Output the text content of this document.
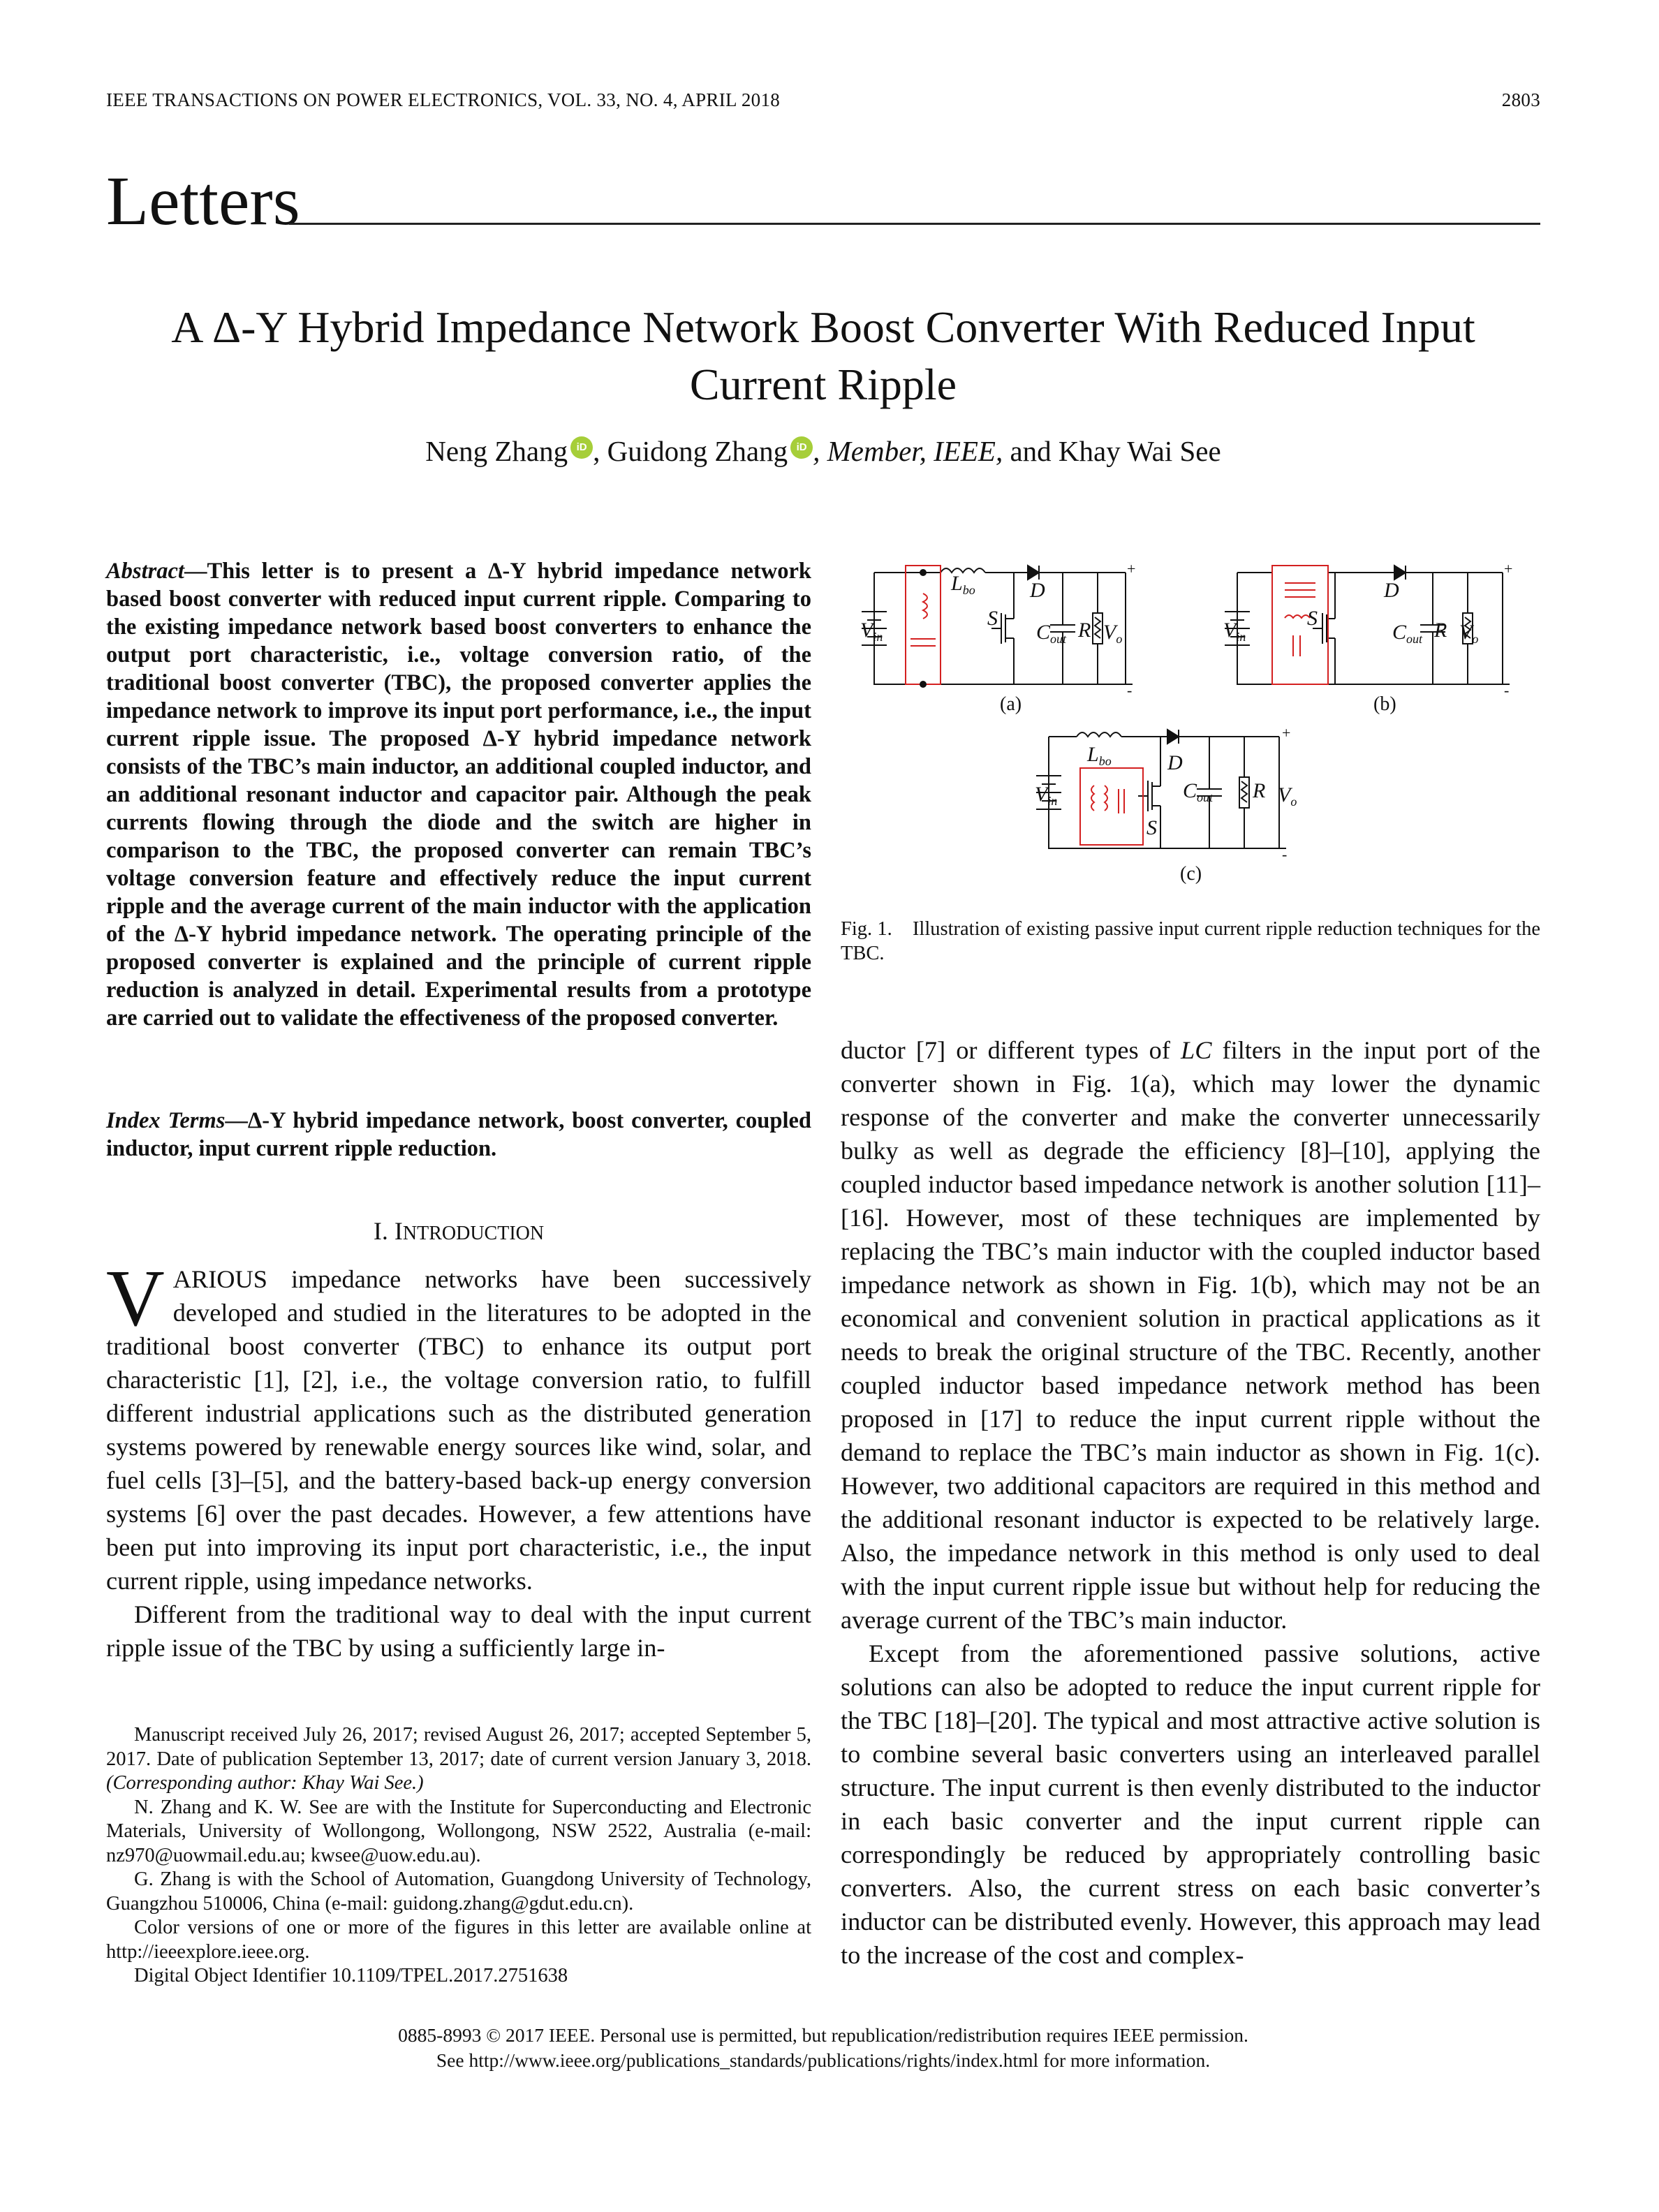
IEEE TRANSACTIONS ON POWER ELECTRONICS, VOL. 33, NO. 4, APRIL 2018	2803
Letters
A Δ-Y Hybrid Impedance Network Boost Converter With Reduced Input Current Ripple
Neng Zhang iD , Guidong Zhang iD , Member, IEEE, and Khay Wai See
Abstract—This letter is to present a Δ-Y hybrid impedance network based boost converter with reduced input current ripple. Comparing to the existing impedance network based boost converters to enhance the output port characteristic, i.e., voltage conversion ratio, of the traditional boost converter (TBC), the proposed converter applies the impedance network to improve its input port performance, i.e., the input current ripple issue. The proposed Δ-Y hybrid impedance network consists of the TBC’s main inductor, an additional coupled inductor, and an additional resonant inductor and capacitor pair. Although the peak currents flowing through the diode and the switch are higher in comparison to the TBC, the proposed converter can remain TBC’s voltage conversion feature and effectively reduce the input current ripple and the average current of the main inductor with the application of the Δ-Y hybrid impedance network. The operating principle of the proposed converter is explained and the principle of current ripple reduction is analyzed in detail. Experimental results from a prototype are carried out to validate the effectiveness of the proposed converter.
Index Terms—Δ-Y hybrid impedance network, boost converter, coupled inductor, input current ripple reduction.
I. INTRODUCTION

VARIOUS impedance networks have been successively developed and studied in the literatures to be adopted in the traditional boost converter (TBC) to enhance its output port characteristic [1], [2], i.e., the voltage conversion ratio, to fulfill different industrial applications such as the distributed generation systems powered by renewable energy sources like wind, solar, and fuel cells [3]–[5], and the battery-based back-up energy conversion systems [6] over the past decades. However, a few attentions have been put into improving its input port characteristic, i.e., the input current ripple, using impedance networks.

Different from the traditional way to deal with the input current ripple issue of the TBC by using a sufficiently large in-

Manuscript received July 26, 2017; revised August 26, 2017; accepted September 5, 2017. Date of publication September 13, 2017; date of current version January 3, 2018. (Corresponding author: Khay Wai See.)

N. Zhang and K. W. See are with the Institute for Superconducting and Electronic Materials, University of Wollongong, Wollongong, NSW 2522, Australia (e-mail: nz970@uowmail.edu.au; kwsee@uow.edu.au).

G. Zhang is with the School of Automation, Guangdong University of Technology, Guangzhou 510006, China (e-mail: guidong.zhang@gdut.edu.cn).

Color versions of one or more of the figures in this letter are available online at http://ieeexplore.ieee.org.

Digital Object Identifier 10.1109/TPEL.2017.2751638

$V_{in}$
$L_{bo}$	D
S
$C_{out}$ R $V_o$
+
-
(a)
$V_{in}$
D
S
$C_{out}$ R $V_o$
+
-
(b)
$V_{in}$
$L_{bo}$	D
S
$C_{out}$ R $V_o$
+
-
(c)
Fig. 1. Illustration of existing passive input current ripple reduction techniques for the TBC.

ductor [7] or different types of LC filters in the input port of the converter shown in Fig. 1(a), which may lower the dynamic response of the converter and make the converter unnecessarily bulky as well as degrade the efficiency [8]–[10], applying the coupled inductor based impedance network is another solution [11]–[16]. However, most of these techniques are implemented by replacing the TBC’s main inductor with the coupled inductor based impedance network as shown in Fig. 1(b), which may not be an economical and convenient solution in practical applications as it needs to break the original structure of the TBC. Recently, another coupled inductor based impedance network method has been proposed in [17] to reduce the input current ripple without the demand to replace the TBC’s main inductor as shown in Fig. 1(c). However, two additional capacitors are required in this method and the additional resonant inductor is expected to be relatively large. Also, the impedance network in this method is only used to deal with the input current ripple issue but without help for reducing the average current of the TBC’s main inductor.

Except from the aforementioned passive solutions, active solutions can also be adopted to reduce the input current ripple for the TBC [18]–[20]. The typical and most attractive active solution is to combine several basic converters using an interleaved parallel structure. The input current is then evenly distributed to the inductor in each basic converter and the input current ripple can correspondingly be reduced by appropriately controlling basic converters. Also, the current stress on each basic converter’s inductor can be distributed evenly. However, this approach may lead to the increase of the cost and complex-

0885-8993 © 2017 IEEE. Personal use is permitted, but republication/redistribution requires IEEE permission.
See http://www.ieee.org/publications_standards/publications/rights/index.html for more information.
